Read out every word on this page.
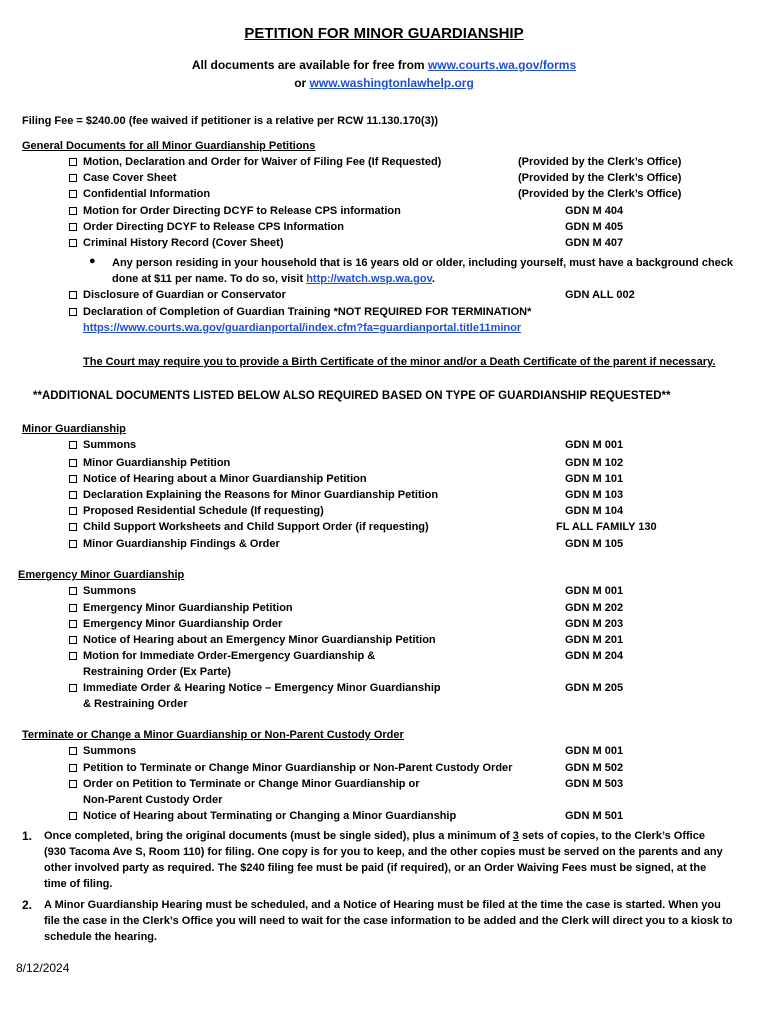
PETITION FOR MINOR GUARDIANSHIP
All documents are available for free from www.courts.wa.gov/forms
or www.washingtonlawhelp.org
Filing Fee = $240.00 (fee waived if petitioner is a relative per RCW 11.130.170(3))
General Documents for all Minor Guardianship Petitions
Motion, Declaration and Order for Waiver of Filing Fee (If Requested)	(Provided by the Clerk’s Office)
Case Cover Sheet	(Provided by the Clerk’s Office)
Confidential Information	(Provided by the Clerk’s Office)
Motion for Order Directing DCYF to Release CPS information	GDN M 404
Order Directing DCYF to Release CPS Information	GDN M 405
Criminal History Record (Cover Sheet)	GDN M 407
● Any person residing in your household that is 16 years old or older, including yourself, must have a background check
done at $11 per name. To do so, visit http://watch.wsp.wa.gov.
Disclosure of Guardian or Conservator	GDN ALL 002
Declaration of Completion of Guardian Training *NOT REQUIRED FOR TERMINATION*
https://www.courts.wa.gov/guardianportal/index.cfm?fa=guardianportal.title11minor
The Court may require you to provide a Birth Certificate of the minor and/or a Death Certificate of the parent if necessary.
**ADDITIONAL DOCUMENTS LISTED BELOW ALSO REQUIRED BASED ON TYPE OF GUARDIANSHIP REQUESTED**
Minor Guardianship
Summons	GDN M 001
Minor Guardianship Petition	GDN M 102
Notice of Hearing about a Minor Guardianship Petition	GDN M 101
Declaration Explaining the Reasons for Minor Guardianship Petition	GDN M 103
Proposed Residential Schedule (If requesting)	GDN M 104
Child Support Worksheets and Child Support Order (if requesting)	FL ALL FAMILY 130
Minor Guardianship Findings & Order	GDN M 105
Emergency Minor Guardianship
Summons	GDN M 001
Emergency Minor Guardianship Petition	GDN M 202
Emergency Minor Guardianship Order	GDN M 203
Notice of Hearing about an Emergency Minor Guardianship Petition	GDN M 201
Motion for Immediate Order-Emergency Guardianship &
Restraining Order (Ex Parte)
GDN M 204
Immediate Order & Hearing Notice – Emergency Minor Guardianship
& Restraining Order
GDN M 205
Terminate or Change a Minor Guardianship or Non-Parent Custody Order
Summons	GDN M 001
Petition to Terminate or Change Minor Guardianship or Non-Parent Custody Order	GDN M 502
Order on Petition to Terminate or Change Minor Guardianship or
Non-Parent Custody Order
GDN M 503
Notice of Hearing about Terminating or Changing a Minor Guardianship	GDN M 501
1. Once completed, bring the original documents (must be single sided), plus a minimum of 3 sets of copies, to the Clerk’s Office
(930 Tacoma Ave S, Room 110) for filing. One copy is for you to keep, and the other copies must be served on the parents and any
other involved party as required. The $240 filing fee must be paid (if required), or an Order Waiving Fees must be signed, at the
time of filing.
2. A Minor Guardianship Hearing must be scheduled, and a Notice of Hearing must be filed at the time the case is started. When you
file the case in the Clerk’s Office you will need to wait for the case information to be added and the Clerk will direct you to a kiosk to
schedule the hearing.
8/12/2024
